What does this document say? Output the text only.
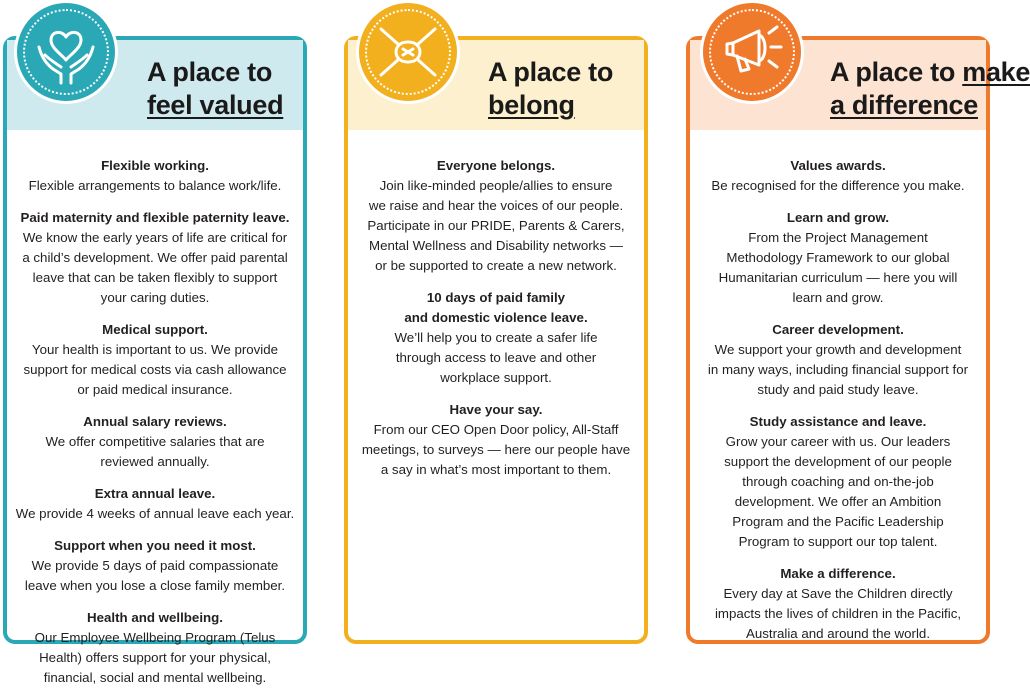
A place to
feel valued
Flexible working.
Flexible arrangements to balance work/life.
Paid maternity and flexible paternity leave.
We know the early years of life are critical for
a child’s development. We offer paid parental
leave that can be taken flexibly to support
your caring duties.
Medical support.
Your health is important to us. We provide
support for medical costs via cash allowance
or paid medical insurance.
Annual salary reviews.
We offer competitive salaries that are
reviewed annually.
Extra annual leave.
We provide 4 weeks of annual leave each year.
Support when you need it most.
We provide 5 days of paid compassionate
leave when you lose a close family member.
Health and wellbeing.
Our Employee Wellbeing Program (Telus
Health) offers support for your physical,
financial, social and mental wellbeing.
A place to
belong
Everyone belongs.
Join like-minded people/allies to ensure
we raise and hear the voices of our people.
Participate in our PRIDE, Parents & Carers,
Mental Wellness and Disability networks —
or be supported to create a new network.
10 days of paid family
and domestic violence leave.
We’ll help you to create a safer life
through access to leave and other
workplace support.
Have your say.
From our CEO Open Door policy, All-Staff
meetings, to surveys — here our people have
a say in what’s most important to them.
A place to make
a difference
Values awards.
Be recognised for the difference you make.
Learn and grow.
From the Project Management
Methodology Framework to our global
Humanitarian curriculum — here you will
learn and grow.
Career development.
We support your growth and development
in many ways, including financial support for
study and paid study leave.
Study assistance and leave.
Grow your career with us. Our leaders
support the development of our people
through coaching and on-the-job
development. We offer an Ambition
Program and the Pacific Leadership
Program to support our top talent.
Make a difference.
Every day at Save the Children directly
impacts the lives of children in the Pacific,
Australia and around the world.
